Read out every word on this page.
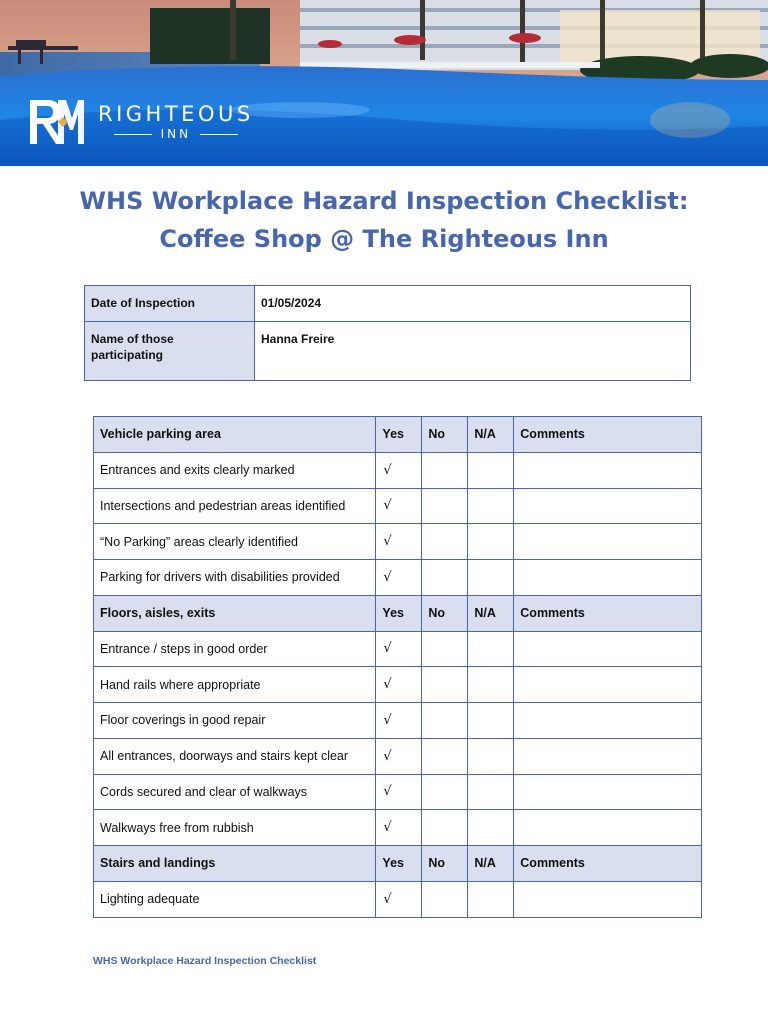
RIGHTEOUS
INN
WHS Workplace Hazard Inspection Checklist:
Coffee Shop @ The Righteous Inn
Date of Inspection	01/05/2024
Name of those participating	Hanna Freire
Vehicle parking area	Yes	No	N/A	Comments
Entrances and exits clearly marked	√			
Intersections and pedestrian areas identified	√			
“No Parking” areas clearly identified	√			
Parking for drivers with disabilities provided	√			
Floors, aisles, exits	Yes	No	N/A	Comments
Entrance / steps in good order	√			
Hand rails where appropriate	√			
Floor coverings in good repair	√			
All entrances, doorways and stairs kept clear	√			
Cords secured and clear of walkways	√			
Walkways free from rubbish	√			
Stairs and landings	Yes	No	N/A	Comments
Lighting adequate	√			
WHS Workplace Hazard Inspection Checklist
